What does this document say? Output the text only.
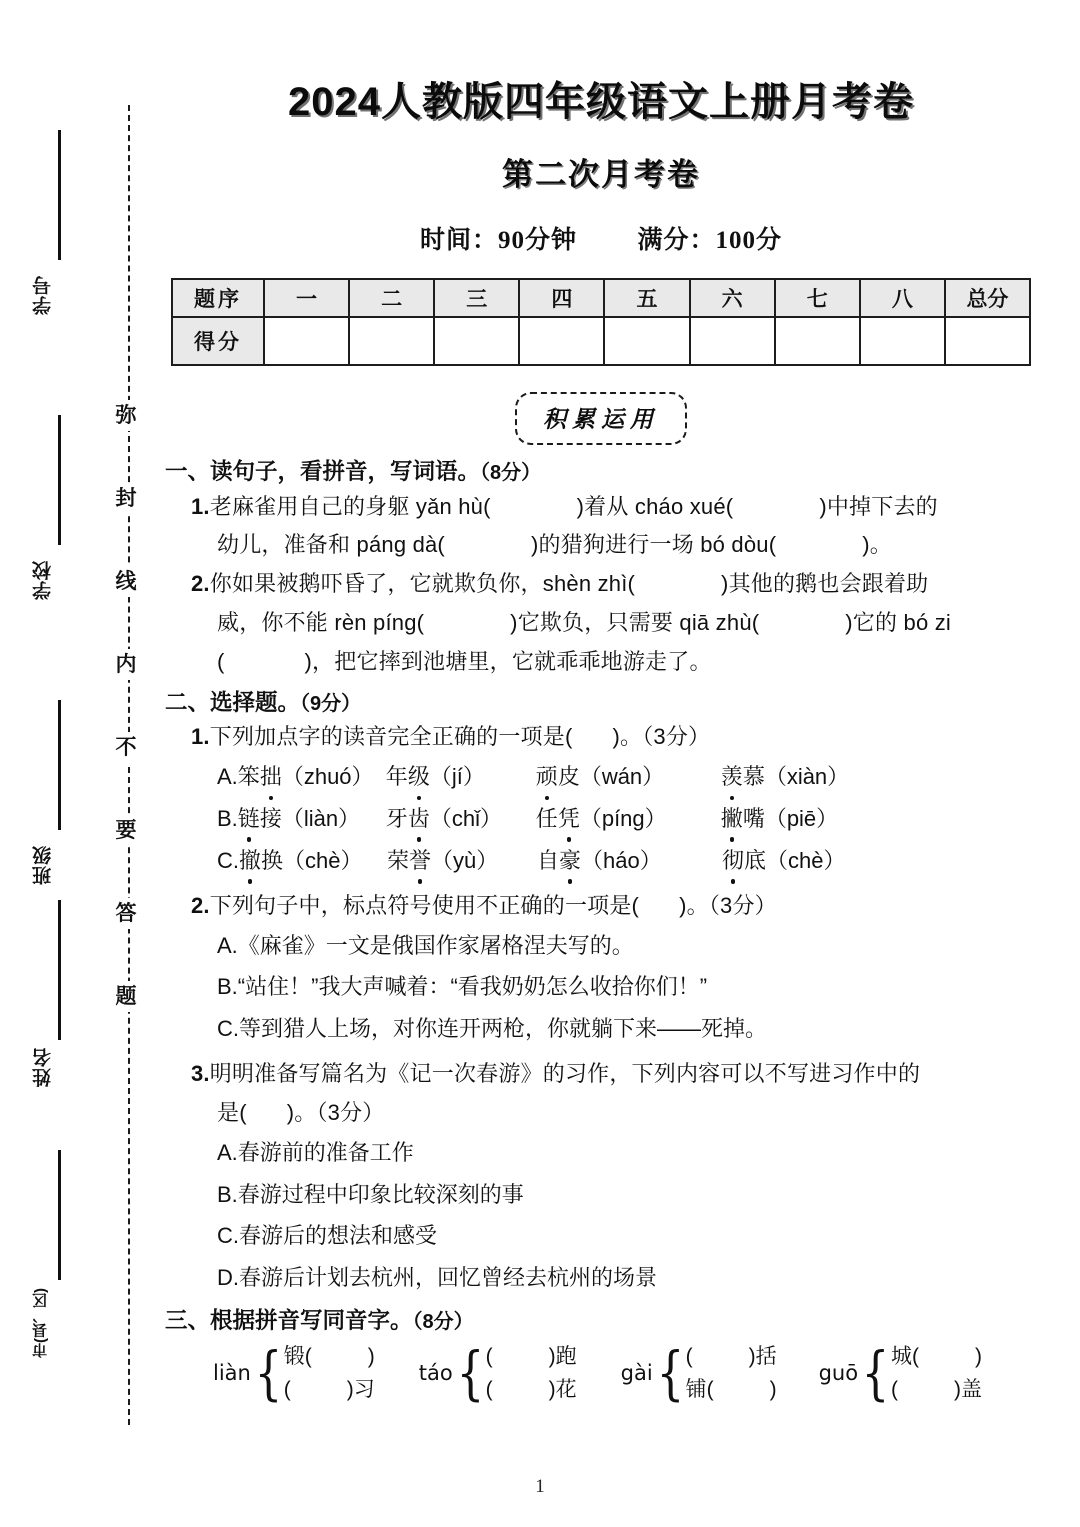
弥
封
线
内
不
要
答
题
学号
学校
班级
姓名
市(县、区)
2024人教版四年级语文上册月考卷
第二次月考卷

时间：90分钟 满分：100分

题序	一	二	三	四	五	六	七	八	总分
得分									
积累运用
一、读句子，看拼音，写词语。（8分）
1.老麻雀用自己的身躯 yǎn hù(	)着从 cháo xué(	)中掉下去的
幼儿，准备和 páng dà(	)的猎狗进行一场 bó dòu(	)。
2.你如果被鹅吓昏了，它就欺负你，shèn zhì(	)其他的鹅也会跟着助
威，你不能 rèn píng(	)它欺负，只需要 qiā zhù(	)它的 bó zi
(	)，把它摔到池塘里，它就乖乖地游走了。
二、选择题。（9分）
1.下列加点字的读音完全正确的一项是( )。（3分）
A.笨拙（zhuó） 年级（jí） 顽皮（wán）	羡慕（xiàn）
B.链接（liàn） 牙齿（chǐ） 任凭（píng） 撇嘴（piē）
C.撤换（chè） 荣誉（yù） 自豪（háo）	彻底（chè）
2.下列句子中，标点符号使用不正确的一项是( )。（3分）
A.《麻雀》一文是俄国作家屠格涅夫写的。
B.“站住！”我大声喊着：“看我奶奶怎么收拾你们！”
C.等到猎人上场，对你连开两枪，你就躺下来——死掉。
3.明明准备写篇名为《记一次春游》的习作，下列内容可以不写进习作中的
是( )。（3分）
A.春游前的准备工作
B.春游过程中印象比较深刻的事
C.春游后的想法和感受
D.春游后计划去杭州，回忆曾经去杭州的场景
三、根据拼音写同音字。（8分）
liàn { 锻(	)
(	)习
táo { (	)跑
(	)花
gài { (	)括
铺(	)
guō { 城(	)
(	)盖
1
